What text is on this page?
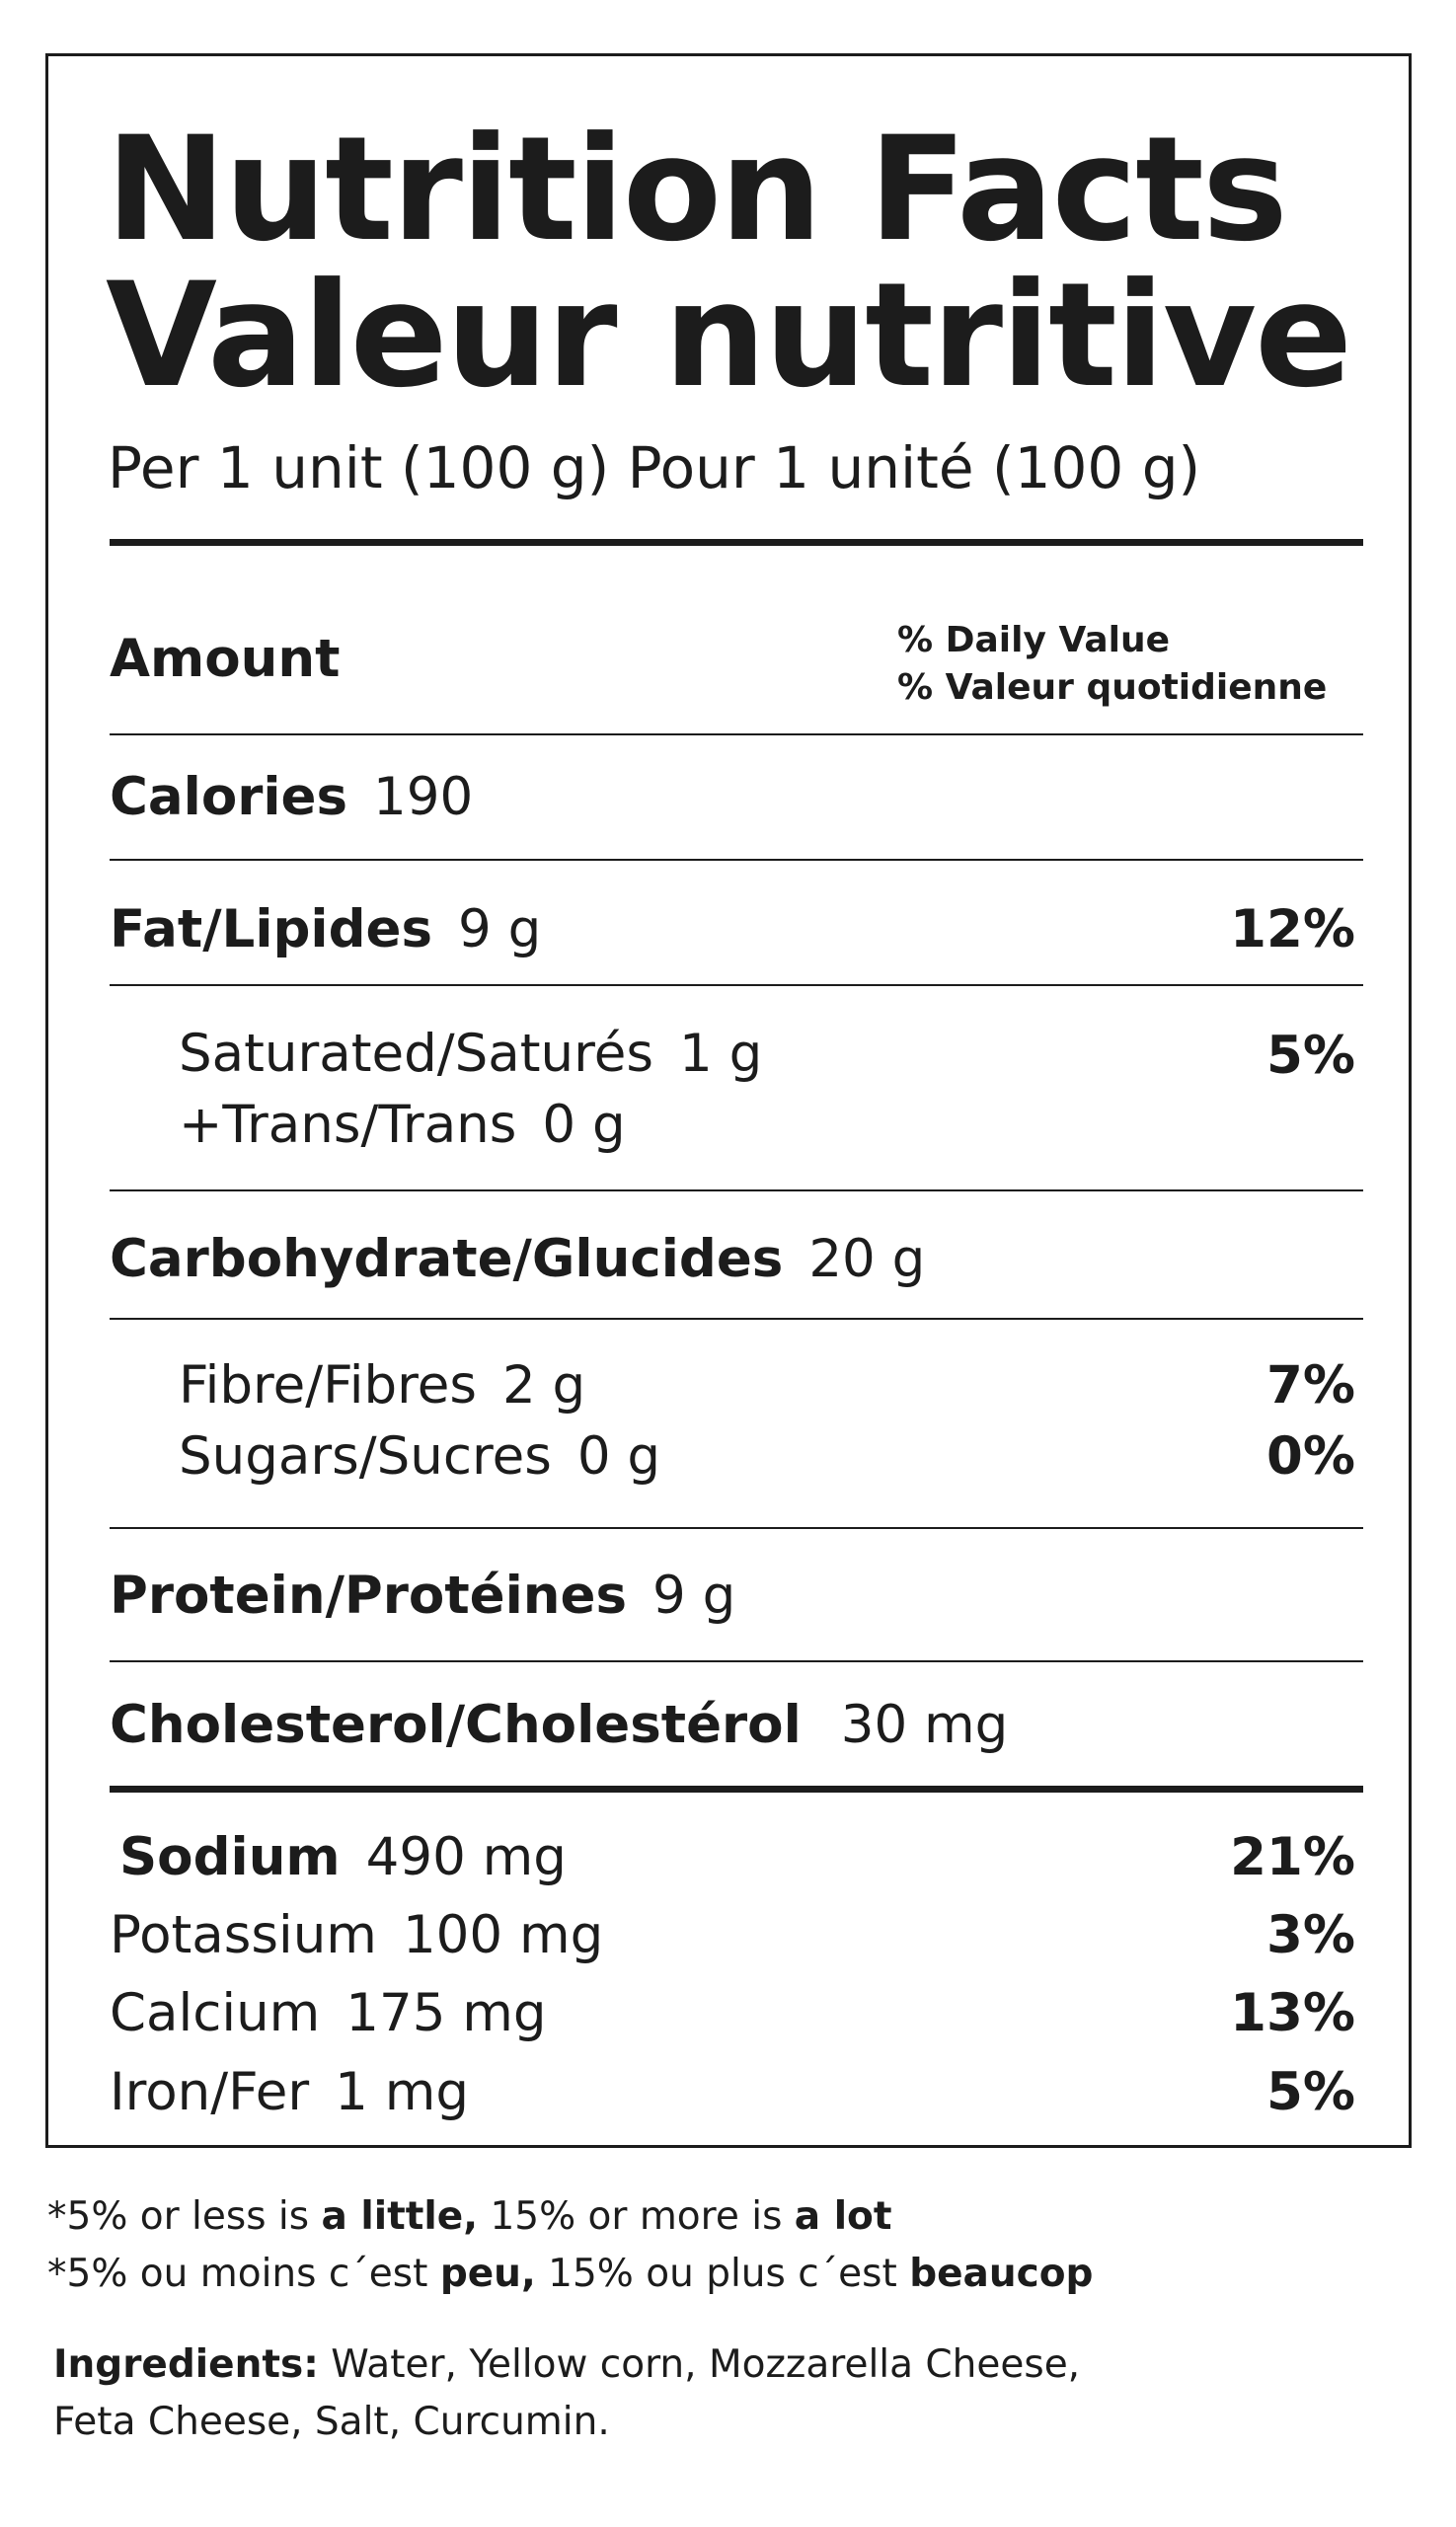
Nutrition Facts
Valeur nutritive
Per 1 unit (100 g) Pour 1 unité (100 g)
Amount	% Daily Value
% Valeur quotidienne
Calories 190
Fat/Lipides 9 g	12%
Saturated/Saturés 1 g	5%
+Trans/Trans 0 g
Carbohydrate/Glucides 20 g
Fibre/Fibres 2 g	7%
Sugars/Sucres 0 g	0%
Protein/Protéines 9 g
Cholesterol/Cholestérol 30 mg
Sodium 490 mg	21%
Potassium 100 mg	3%
Calcium 175 mg	13%
Iron/Fer 1 mg	5%
*5% or less is a little, 15% or more is a lot
*5% ou moins c´est peu, 15% ou plus c´est beaucop
Ingredients: Water, Yellow corn, Mozzarella Cheese,
Feta Cheese, Salt, Curcumin.
